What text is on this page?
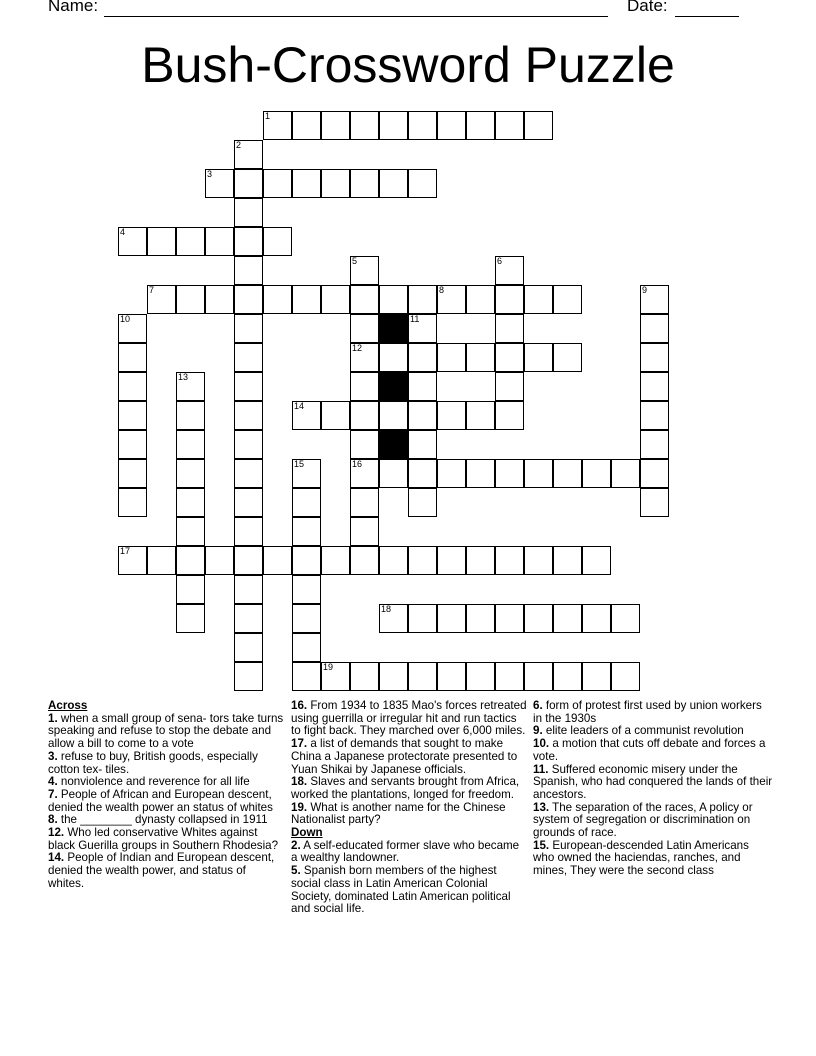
Name:	Date:
Bush-Crossword Puzzle
1
3
4
7	8
12
14
16
17
18
19
2
5	6
9
10	11
13
15
Across

1. when a small group of sena- tors take turns speaking and refuse to stop the debate and allow a bill to come to a vote

3. refuse to buy, British goods, especially cotton tex- tiles.

4. nonviolence and reverence for all life

7. People of African and European descent, denied the wealth power an status of whites

8. the ________ dynasty collapsed in 1911

12. Who led conservative Whites against black Guerilla groups in Southern Rhodesia?

14. People of Indian and European descent, denied the wealth power, and status of whites.

16. From 1934 to 1835 Mao's forces retreated using guerrilla or irregular hit and run tactics to fight back. They marched over 6,000 miles.

17. a list of demands that sought to make China a Japanese protectorate presented to Yuan Shikai by Japanese officials.

18. Slaves and servants brought from Africa, worked the plantations, longed for freedom.

19. What is another name for the Chinese Nationalist party?

Down

2. A self-educated former slave who became a wealthy landowner.

5. Spanish born members of the highest social class in Latin American Colonial Society, dominated Latin American political and social life.

6. form of protest first used by union workers in the 1930s

9. elite leaders of a communist revolution

10. a motion that cuts off debate and forces a vote.

11. Suffered economic misery under the Spanish, who had conquered the lands of their ancestors.

13. The separation of the races, A policy or system of segregation or discrimination on grounds of race.

15. European-descended Latin Americans who owned the haciendas, ranches, and mines, They were the second class
